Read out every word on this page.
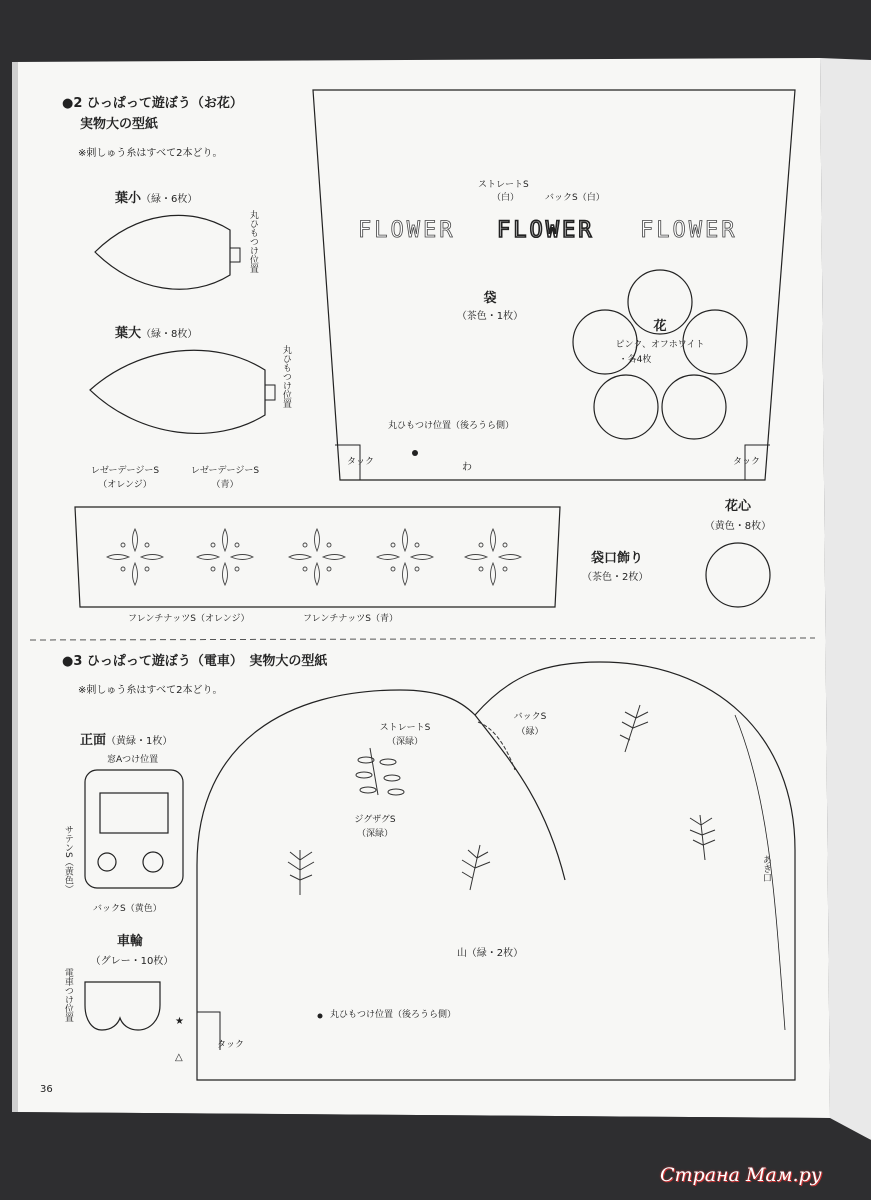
●2 ひっぱって遊ぼう（お花）
実物大の型紙
※刺しゅう糸はすべて2本どり。
葉小（緑・6枚）
丸ひもつけ位置
葉大（緑・8枚）
丸ひもつけ位置
ストレートS
（白）	バックS（白）
FLOWER FLOWER FLOWER
袋
（茶色・1枚）
丸ひもつけ位置（後ろうら側）
タック	タック
わ
花
ピンク、オフホワイト
・各4枚
レゼーデージーS
（オレンジ）
レゼーデージーS
（青）
袋口飾り
（茶色・2枚）
フレンチナッツS（オレンジ）	フレンチナッツS（青）
花心
（黄色・8枚）
●3 ひっぱって遊ぼう（電車）　実物大の型紙
※刺しゅう糸はすべて2本どり。
正面（黄緑・1枚）
窓Aつけ位置
サテンS（黄色）
バックS（黄色）
車輪
（グレー・10枚）
電車つけ位置
ストレートS
（深緑）
バックS
（緑）
ジグザグS
（深緑）
あき口
山（緑・2枚）
丸ひもつけ位置（後ろうら側）
タック
★
△
36
Страна Мам.ру
